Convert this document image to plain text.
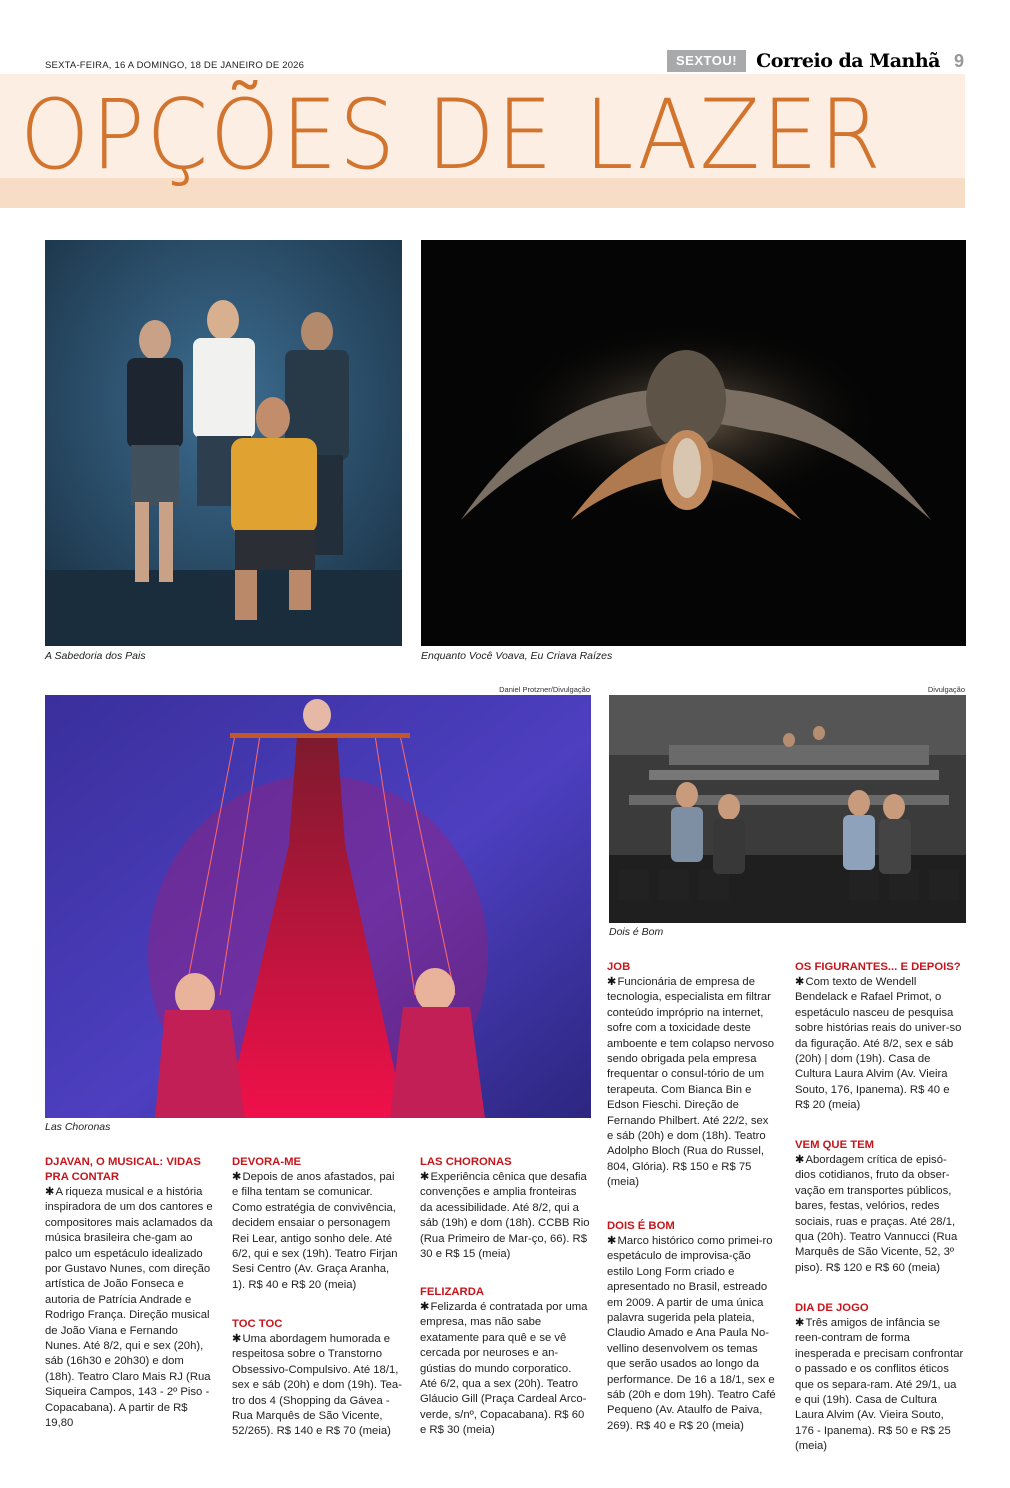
SEXTA-FEIRA, 16 A DOMINGO, 18 DE JANEIRO DE 2026	SEXTOU!	Correio da Manhã 9
OPÇÕES DE LAZER
A Sabedoria dos Pais	Enquanto Você Voava, Eu Criava Raízes
Daniel Protzner/Divulgação
Las Choronas
Divulgação
Dois é Bom
DJAVAN, O MUSICAL: VIDAS PRA CONTAR

✱A riqueza musical e a história inspiradora de um dos cantores e compositores mais aclamados da música brasileira che-gam ao palco um espetáculo idealizado por Gustavo Nunes, com direção artística de João Fonseca e autoria de Patrícia Andrade e Rodrigo França. Direção musical de João Viana e Fernando Nunes. Até 8/2, qui e sex (20h), sáb (16h30 e 20h30) e dom (18h). Teatro Claro Mais RJ (Rua Siqueira Campos, 143 - 2º Piso - Copacabana). A partir de R$ 19,80

DEVORA-ME

✱Depois de anos afastados, pai e filha tentam se comunicar. Como estratégia de convivência, decidem ensaiar o personagem Rei Lear, antigo sonho dele. Até 6/2, qui e sex (19h). Teatro Firjan Sesi Centro (Av. Graça Aranha, 1). R$ 40 e R$ 20 (meia)

TOC TOC

✱Uma abordagem humorada e respeitosa sobre o Transtorno Obsessivo-Compulsivo. Até 18/1, sex e sáb (20h) e dom (19h). Tea-tro dos 4 (Shopping da Gávea - Rua Marquês de São Vicente, 52/265). R$ 140 e R$ 70 (meia)

LAS CHORONAS

✱Experiência cênica que desafia convenções e amplia fronteiras da acessibilidade. Até 8/2, qui a sáb (19h) e dom (18h). CCBB Rio (Rua Primeiro de Mar-ço, 66). R$ 30 e R$ 15 (meia)

FELIZARDA

✱Felizarda é contratada por uma empresa, mas não sabe exatamente para quê e se vê cercada por neuroses e an-gústias do mundo corporatico. Até 6/2, qua a sex (20h). Teatro Gláucio Gill (Praça Cardeal Arco-verde, s/nº, Copacabana). R$ 60 e R$ 30 (meia)

JOB

✱Funcionária de empresa de tecnologia, especialista em filtrar conteúdo impróprio na internet, sofre com a toxicidade deste amboente e tem colapso nervoso sendo obrigada pela empresa frequentar o consul-tório de um terapeuta. Com Bianca Bin e Edson Fieschi. Direção de Fernando Philbert. Até 22/2, sex e sáb (20h) e dom (18h). Teatro Adolpho Bloch (Rua do Russel, 804, Glória). R$ 150 e R$ 75 (meia)

DOIS É BOM

✱Marco histórico como primei-ro espetáculo de improvisa-ção estilo Long Form criado e apresentado no Brasil, estreado em 2009. A partir de uma única palavra sugerida pela plateia, Claudio Amado e Ana Paula No-vellino desenvolvem os temas que serão usados ao longo da performance. De 16 a 18/1, sex e sáb (20h e dom 19h). Teatro Café Pequeno (Av. Ataulfo de Paiva, 269). R$ 40 e R$ 20 (meia)

OS FIGURANTES... E DEPOIS?

✱Com texto de Wendell Bendelack e Rafael Primot, o espetáculo nasceu de pesquisa sobre histórias reais do univer-so da figuração. Até 8/2, sex e sáb (20h) | dom (19h). Casa de Cultura Laura Alvim (Av. Vieira Souto, 176, Ipanema). R$ 40 e R$ 20 (meia)

VEM QUE TEM

✱Abordagem crítica de episó-dios cotidianos, fruto da obser-vação em transportes públicos, bares, festas, velórios, redes sociais, ruas e praças. Até 28/1, qua (20h). Teatro Vannucci (Rua Marquês de São Vicente, 52, 3º piso). R$ 120 e R$ 60 (meia)

DIA DE JOGO

✱Três amigos de infância se reen-contram de forma inesperada e precisam confrontar o passado e os conflitos éticos que os separa-ram. Até 29/1, ua e qui (19h). Casa de Cultura Laura Alvim (Av. Vieira Souto, 176 - Ipanema). R$ 50 e R$ 25 (meia)
